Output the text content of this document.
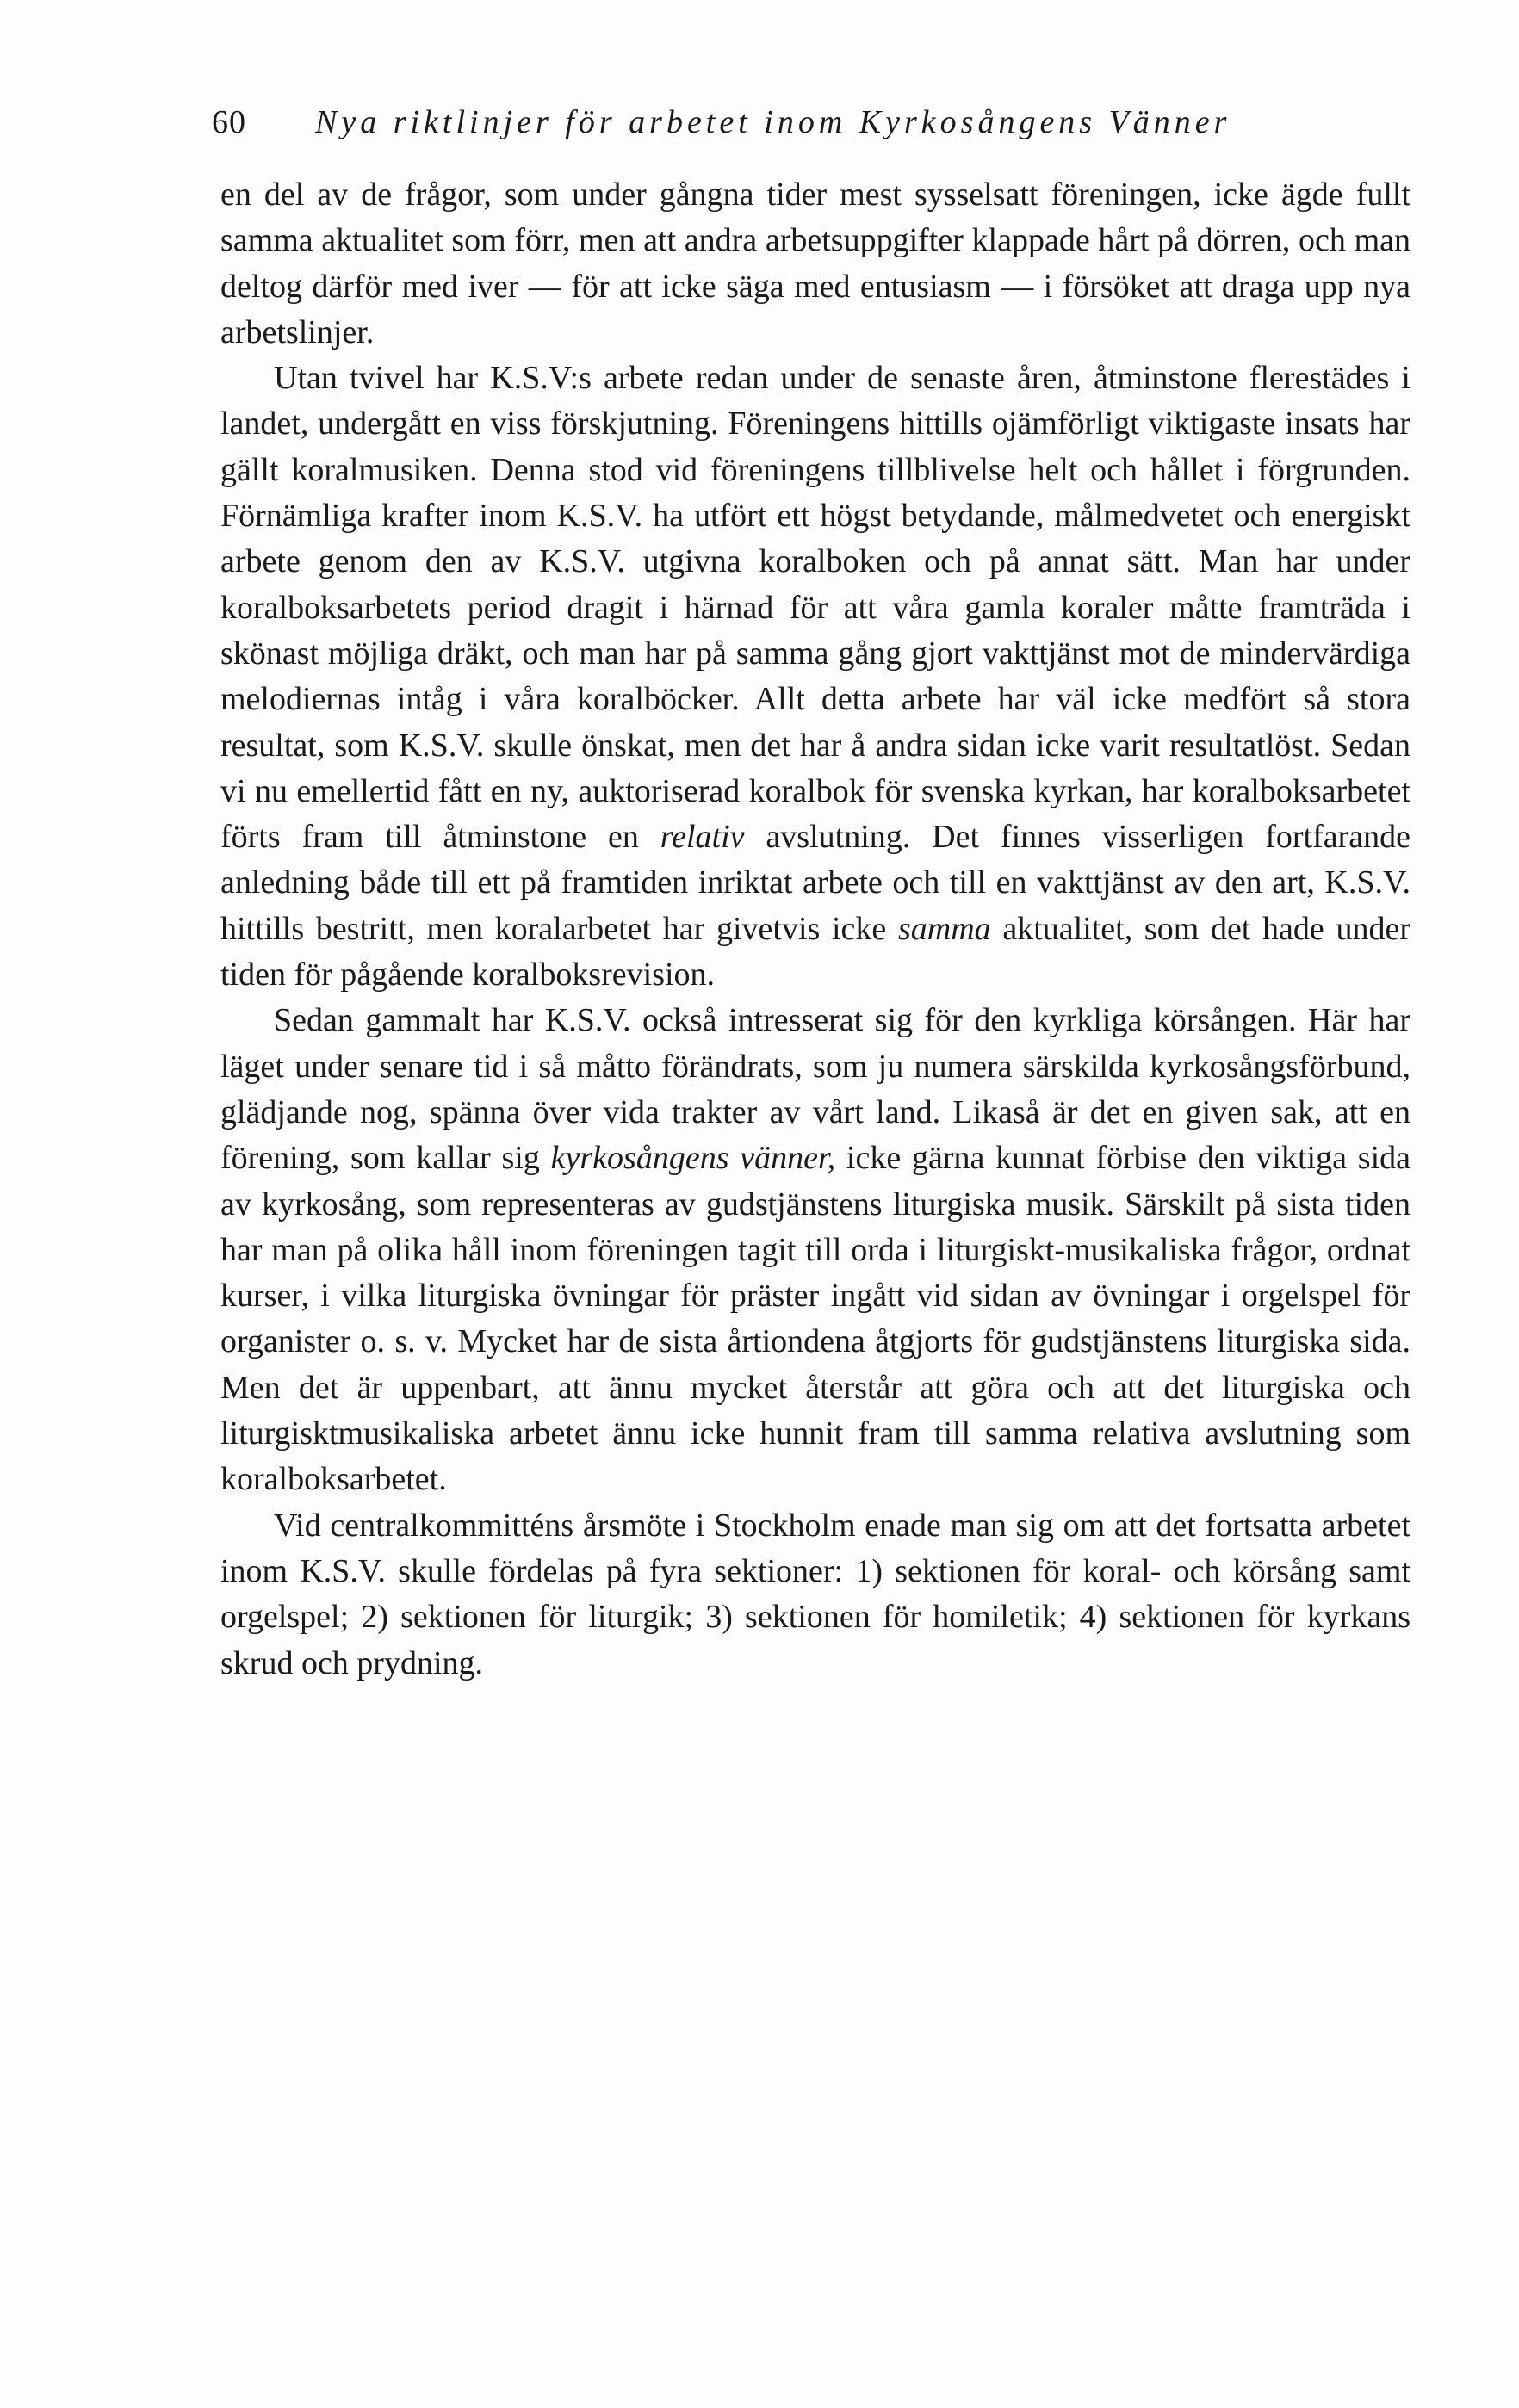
60 Nya riktlinjer för arbetet inom Kyrkosångens Vänner

en del av de frågor, som under gångna tider mest sysselsatt föreningen, icke ägde fullt samma aktualitet som förr, men att andra arbetsuppgifter klappade hårt på dörren, och man deltog därför med iver — för att icke säga med entusiasm — i försöket att draga upp nya arbetslinjer.

Utan tvivel har K.S.V:s arbete redan under de senaste åren, åtminstone flerestädes i landet, undergått en viss förskjutning. Föreningens hittills ojämförligt viktigaste insats har gällt koralmusiken. Denna stod vid föreningens tillblivelse helt och hållet i förgrunden. Förnämliga krafter inom K.S.V. ha utfört ett högst betydande, målmedvetet och energiskt arbete genom den av K.S.V. utgivna koralboken och på annat sätt. Man har under koralboksarbetets period dragit i härnad för att våra gamla koraler måtte framträda i skönast möjliga dräkt, och man har på samma gång gjort vakttjänst mot de mindervärdiga melodiernas intåg i våra koralböcker. Allt detta arbete har väl icke medfört så stora resultat, som K.S.V. skulle önskat, men det har å andra sidan icke varit resultatlöst. Sedan vi nu emellertid fått en ny, auktoriserad koralbok för svenska kyrkan, har koralboksarbetet förts fram till åtminstone en relativ avslutning. Det finnes visserligen fortfarande anledning både till ett på framtiden inriktat arbete och till en vakttjänst av den art, K.S.V. hittills bestritt, men koralarbetet har givetvis icke samma aktualitet, som det hade under tiden för pågående koralboksrevision.

Sedan gammalt har K.S.V. också intresserat sig för den kyrkliga körsången. Här har läget under senare tid i så måtto förändrats, som ju numera särskilda kyrkosångsförbund, glädjande nog, spänna över vida trakter av vårt land. Likaså är det en given sak, att en förening, som kallar sig kyrkosångens vänner, icke gärna kunnat förbise den viktiga sida av kyrkosång, som representeras av gudstjänstens liturgiska musik. Särskilt på sista tiden har man på olika håll inom föreningen tagit till orda i liturgiskt-musikaliska frågor, ordnat kurser, i vilka liturgiska övningar för präster ingått vid sidan av övningar i orgelspel för organister o. s. v. Mycket har de sista årtiondena åtgjorts för gudstjänstens liturgiska sida. Men det är uppenbart, att ännu mycket återstår att göra och att det liturgiska och liturgisktmusikaliska arbetet ännu icke hunnit fram till samma relativa avslutning som koralboksarbetet.

Vid centralkommitténs årsmöte i Stockholm enade man sig om att det fortsatta arbetet inom K.S.V. skulle fördelas på fyra sektioner: 1) sektionen för koral- och körsång samt orgelspel; 2) sektionen för liturgik; 3) sektionen för homiletik; 4) sektionen för kyrkans skrud och prydning.
